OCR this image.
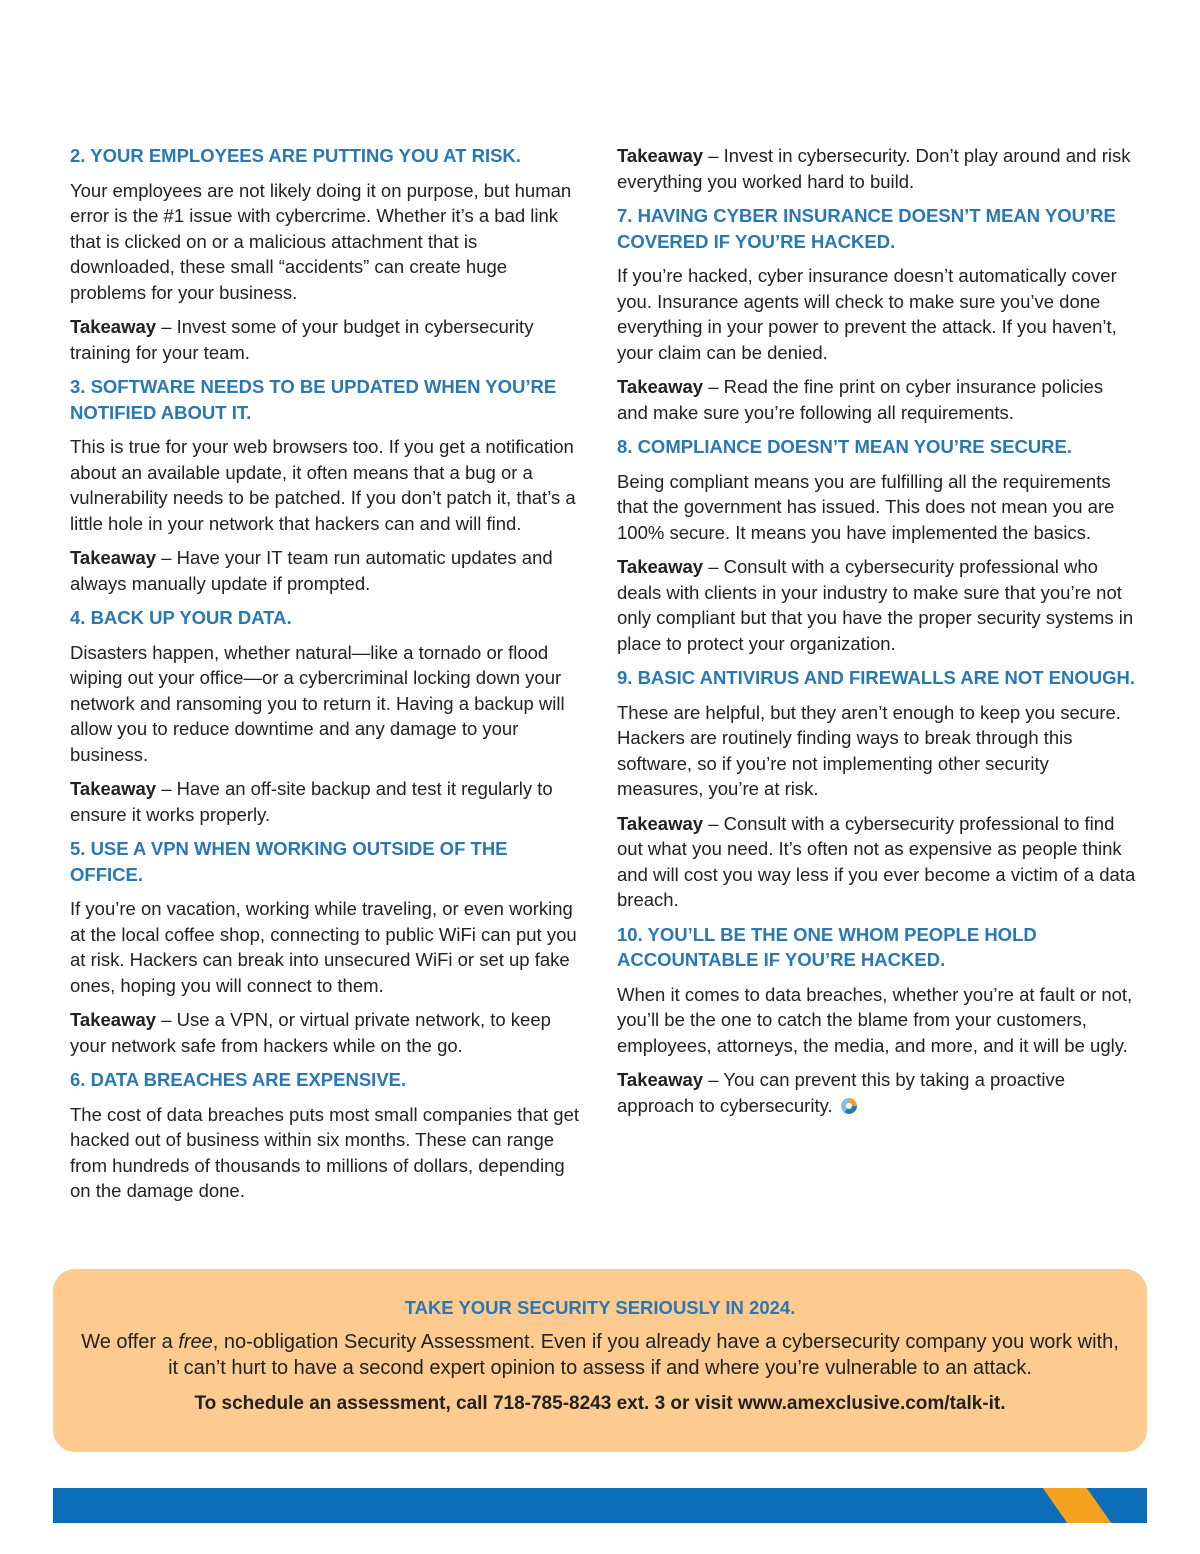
2. YOUR EMPLOYEES ARE PUTTING YOU AT RISK.

Your employees are not likely doing it on purpose, but human error is the #1 issue with cybercrime. Whether it’s a bad link that is clicked on or a malicious attachment that is downloaded, these small “accidents” can create huge problems for your business.

Takeaway – Invest some of your budget in cybersecurity training for your team.

3. SOFTWARE NEEDS TO BE UPDATED WHEN YOU’RE NOTIFIED ABOUT IT.

This is true for your web browsers too. If you get a notification about an available update, it often means that a bug or a vulnerability needs to be patched. If you don’t patch it, that’s a little hole in your network that hackers can and will find.

Takeaway – Have your IT team run automatic updates and always manually update if prompted.

4. BACK UP YOUR DATA.

Disasters happen, whether natural—like a tornado or flood wiping out your office—or a cybercriminal locking down your network and ransoming you to return it. Having a backup will allow you to reduce downtime and any damage to your business.

Takeaway – Have an off-site backup and test it regularly to ensure it works properly.

5. USE A VPN WHEN WORKING OUTSIDE OF THE OFFICE.

If you’re on vacation, working while traveling, or even working at the local coffee shop, connecting to public WiFi can put you at risk. Hackers can break into unsecured WiFi or set up fake ones, hoping you will connect to them.

Takeaway – Use a VPN, or virtual private network, to keep your network safe from hackers while on the go.

6. DATA BREACHES ARE EXPENSIVE.

The cost of data breaches puts most small companies that get hacked out of business within six months. These can range from hundreds of thousands to millions of dollars, depending on the damage done.

Takeaway – Invest in cybersecurity. Don’t play around and risk everything you worked hard to build.

7. HAVING CYBER INSURANCE DOESN’T MEAN YOU’RE COVERED IF YOU’RE HACKED.

If you’re hacked, cyber insurance doesn’t automatically cover you. Insurance agents will check to make sure you’ve done everything in your power to prevent the attack. If you haven’t, your claim can be denied.

Takeaway – Read the fine print on cyber insurance policies and make sure you’re following all requirements.

8. COMPLIANCE DOESN’T MEAN YOU’RE SECURE.

Being compliant means you are fulfilling all the requirements that the government has issued. This does not mean you are 100% secure. It means you have implemented the basics.

Takeaway – Consult with a cybersecurity professional who deals with clients in your industry to make sure that you’re not only compliant but that you have the proper security systems in place to protect your organization.

9. BASIC ANTIVIRUS AND FIREWALLS ARE NOT ENOUGH.

These are helpful, but they aren’t enough to keep you secure. Hackers are routinely finding ways to break through this software, so if you’re not implementing other security measures, you’re at risk.

Takeaway – Consult with a cybersecurity professional to find out what you need. It’s often not as expensive as people think and will cost you way less if you ever become a victim of a data breach.

10. YOU’LL BE THE ONE WHOM PEOPLE HOLD ACCOUNTABLE IF YOU’RE HACKED.

When it comes to data breaches, whether you’re at fault or not, you’ll be the one to catch the blame from your customers, employees, attorneys, the media, and more, and it will be ugly.

Takeaway – You can prevent this by taking a proactive approach to cybersecurity.

TAKE YOUR SECURITY SERIOUSLY IN 2024.

We offer a free, no-obligation Security Assessment. Even if you already have a cybersecurity company you work with, it can’t hurt to have a second expert opinion to assess if and where you’re vulnerable to an attack.

To schedule an assessment, call 718-785-8243 ext. 3 or visit www.amexclusive.com/talk-it.
